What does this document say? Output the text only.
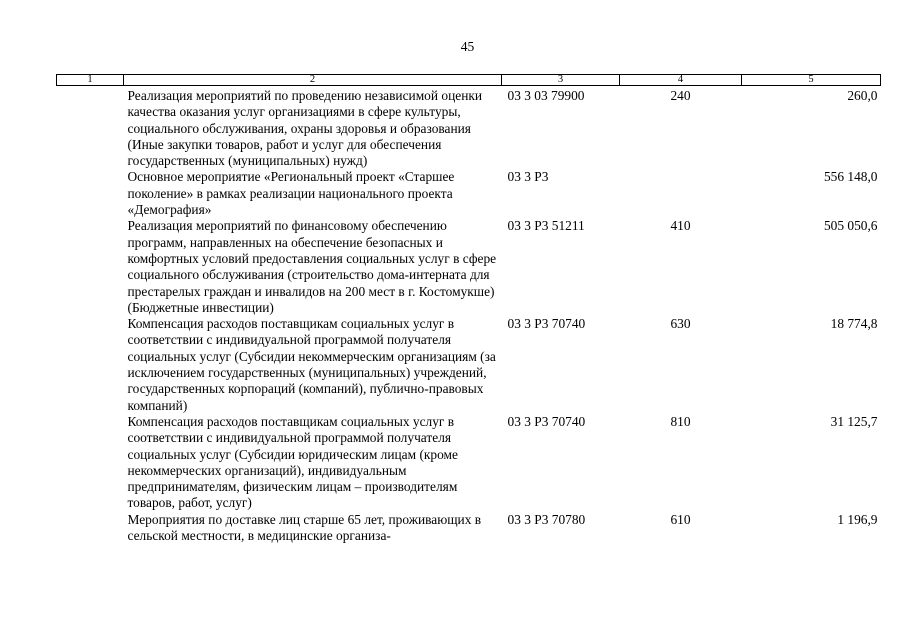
45
1	2	3	4	5
	Реализация мероприятий по проведению независимой оценки качества оказания услуг организациями в сфере культуры, социального обслуживания, охраны здоровья и образования (Иные закупки товаров, работ и услуг для обеспечения государственных (муниципальных) нужд)	03 3 03 79900	240	260,0
	Основное мероприятие «Региональный проект «Старшее поколение» в рамках реализации национального проекта «Демография»	03 3 P3		556 148,0
	Реализация мероприятий по финансовому обеспечению программ, направленных на обеспечение безопасных и комфортных условий предоставления социальных услуг в сфере социального обслуживания (строительство дома-интерната для престарелых граждан и инвалидов на 200 мест в г. Костомукше) (Бюджетные инвестиции)	03 3 P3 51211	410	505 050,6
	Компенсация расходов поставщикам социальных услуг в соответствии с индивидуальной программой получателя социальных услуг (Субсидии некоммерческим организациям (за исключением государственных (муниципальных) учреждений, государственных корпораций (компаний), публично-правовых компаний)	03 3 P3 70740	630	18 774,8
	Компенсация расходов поставщикам социальных услуг в соответствии с индивидуальной программой получателя социальных услуг (Субсидии юридическим лицам (кроме некоммерческих организаций), индивидуальным предпринимателям, физическим лицам – производителям товаров, работ, услуг)	03 3 P3 70740	810	31 125,7
	Мероприятия по доставке лиц старше 65 лет, проживающих в сельской местности, в медицинские организа-	03 3 P3 70780	610	1 196,9
